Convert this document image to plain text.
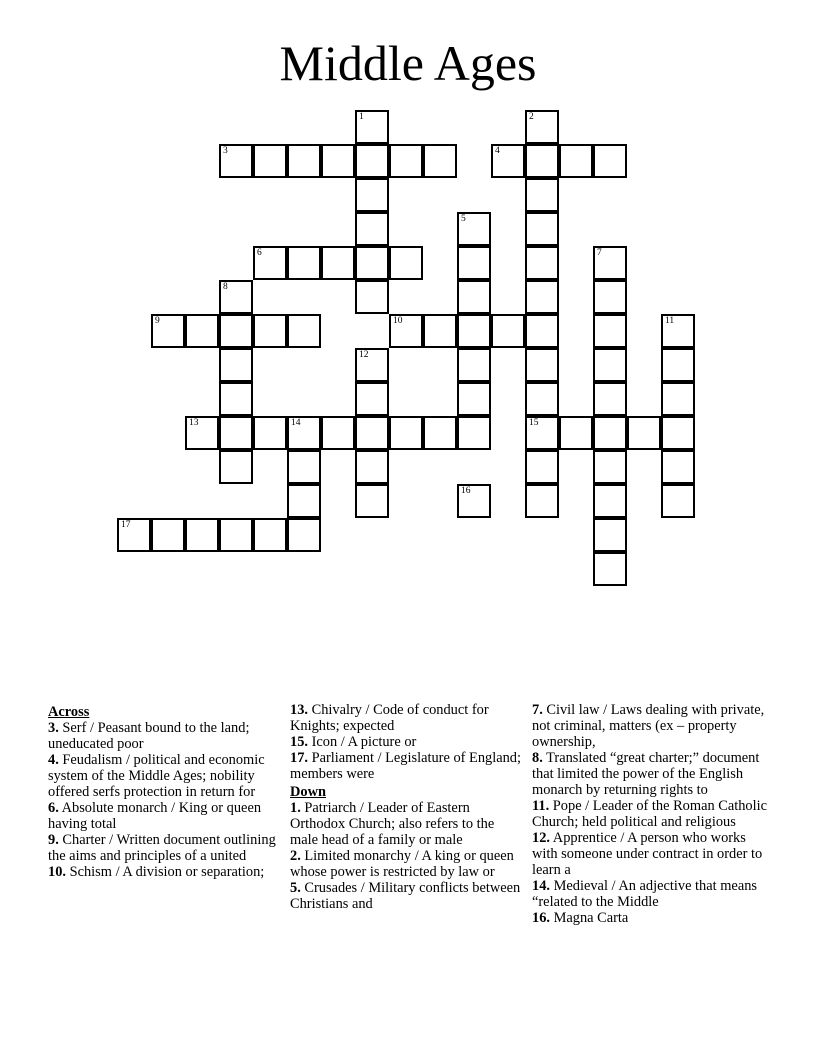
Middle Ages
1	2
15
3	4
5
6	7
8
9	10	11
12
13	14
16
17
Across
3. Serf / Peasant bound to the land; uneducated poor
4. Feudalism / political and economic system of the Middle Ages; nobility offered serfs protection in return for
6. Absolute monarch / King or queen having total
9. Charter / Written document outlining the aims and principles of a united
10. Schism / A division or separation;
13. Chivalry / Code of conduct for Knights; expected
15. Icon / A picture or
17. Parliament / Legislature of England; members were
Down
1. Patriarch / Leader of Eastern Orthodox Church; also refers to the male head of a family or male
2. Limited monarchy / A king or queen whose power is restricted by law or
5. Crusades / Military conflicts between Christians and
7. Civil law / Laws dealing with private, not criminal, matters (ex – property ownership,
8. Translated “great charter;” document that limited the power of the English monarch by returning rights to
11. Pope / Leader of the Roman Catholic Church; held political and religious
12. Apprentice / A person who works with someone under contract in order to learn a
14. Medieval / An adjective that means “related to the Middle
16. Magna Carta
